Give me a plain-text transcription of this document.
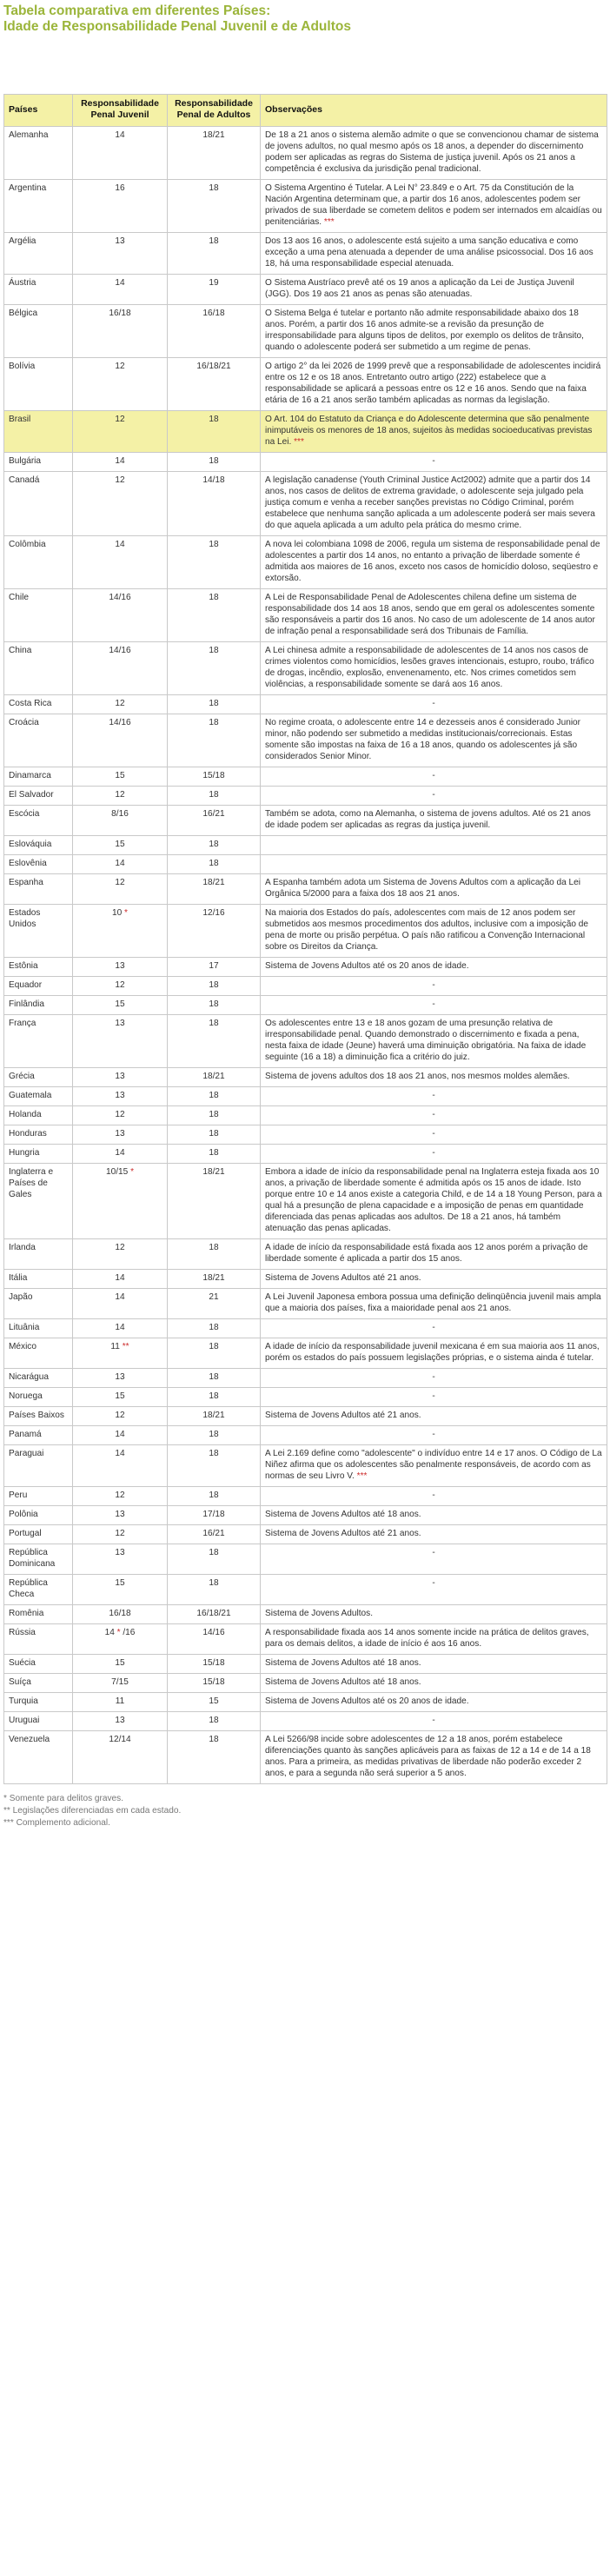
Tabela comparativa em diferentes Países:
Idade de Responsabilidade Penal Juvenil e de Adultos
Países	Responsabilidade Penal Juvenil	Responsabilidade Penal de Adultos	Observações
Alemanha	14	18/21	De 18 a 21 anos o sistema alemão admite o que se convencionou chamar de sistema de jovens adultos, no qual mesmo após os 18 anos, a depender do discernimento podem ser aplicadas as regras do Sistema de justiça juvenil. Após os 21 anos a competência é exclusiva da jurisdição penal tradicional.
Argentina	16	18	O Sistema Argentino é Tutelar. A Lei N° 23.849 e o Art. 75 da Constitución de la Nación Argentina determinam que, a partir dos 16 anos, adolescentes podem ser privados de sua liberdade se cometem delitos e podem ser internados em alcaidías ou penitenciárias. ***
Argélia	13	18	Dos 13 aos 16 anos, o adolescente está sujeito a uma sanção educativa e como exceção a uma pena atenuada a depender de uma análise psicossocial. Dos 16 aos 18, há uma responsabilidade especial atenuada.
Áustria	14	19	O Sistema Austríaco prevê até os 19 anos a aplicação da Lei de Justiça Juvenil (JGG). Dos 19 aos 21 anos as penas são atenuadas.
Bélgica	16/18	16/18	O Sistema Belga é tutelar e portanto não admite responsabilidade abaixo dos 18 anos. Porém, a partir dos 16 anos admite-se a revisão da presunção de irresponsabilidade para alguns tipos de delitos, por exemplo os delitos de trânsito, quando o adolescente poderá ser submetido a um regime de penas.
Bolívia	12	16/18/21	O artigo 2° da lei 2026 de 1999 prevê que a responsabilidade de adolescentes incidirá entre os 12 e os 18 anos. Entretanto outro artigo (222) estabelece que a responsabilidade se aplicará a pessoas entre os 12 e 16 anos. Sendo que na faixa etária de 16 a 21 anos serão também aplicadas as normas da legislação.
Brasil	12	18	O Art. 104 do Estatuto da Criança e do Adolescente determina que são penalmente inimputáveis os menores de 18 anos, sujeitos às medidas socioeducativas previstas na Lei. ***
Bulgária	14	18	-
Canadá	12	14/18	A legislação canadense (Youth Criminal Justice Act2002) admite que a partir dos 14 anos, nos casos de delitos de extrema gravidade, o adolescente seja julgado pela justiça comum e venha a receber sanções previstas no Código Criminal, porém estabelece que nenhuma sanção aplicada a um adolescente poderá ser mais severa do que aquela aplicada a um adulto pela prática do mesmo crime.
Colômbia	14	18	A nova lei colombiana 1098 de 2006, regula um sistema de responsabilidade penal de adolescentes a partir dos 14 anos, no entanto a privação de liberdade somente é admitida aos maiores de 16 anos, exceto nos casos de homicídio doloso, seqüestro e extorsão.
Chile	14/16	18	A Lei de Responsabilidade Penal de Adolescentes chilena define um sistema de responsabilidade dos 14 aos 18 anos, sendo que em geral os adolescentes somente são responsáveis a partir dos 16 anos. No caso de um adolescente de 14 anos autor de infração penal a responsabilidade será dos Tribunais de Família.
China	14/16	18	A Lei chinesa admite a responsabilidade de adolescentes de 14 anos nos casos de crimes violentos como homicídios, lesões graves intencionais, estupro, roubo, tráfico de drogas, incêndio, explosão, envenenamento, etc. Nos crimes cometidos sem violências, a responsabilidade somente se dará aos 16 anos.
Costa Rica	12	18	-
Croácia	14/16	18	No regime croata, o adolescente entre 14 e dezesseis anos é considerado Junior minor, não podendo ser submetido a medidas institucionais/correcionais. Estas somente são impostas na faixa de 16 a 18 anos, quando os adolescentes já são considerados Senior Minor.
Dinamarca	15	15/18	-
El Salvador	12	18	-
Escócia	8/16	16/21	Também se adota, como na Alemanha, o sistema de jovens adultos. Até os 21 anos de idade podem ser aplicadas as regras da justiça juvenil.
Eslováquia	15	18	
Eslovênia	14	18	
Espanha	12	18/21	A Espanha também adota um Sistema de Jovens Adultos com a aplicação da Lei Orgânica 5/2000 para a faixa dos 18 aos 21 anos.
Estados Unidos	10 *	12/16	Na maioria dos Estados do país, adolescentes com mais de 12 anos podem ser submetidos aos mesmos procedimentos dos adultos, inclusive com a imposição de pena de morte ou prisão perpétua. O país não ratificou a Convenção Internacional sobre os Direitos da Criança.
Estônia	13	17	Sistema de Jovens Adultos até os 20 anos de idade.
Equador	12	18	-
Finlândia	15	18	-
França	13	18	Os adolescentes entre 13 e 18 anos gozam de uma presunção relativa de irresponsabilidade penal. Quando demonstrado o discernimento e fixada a pena, nesta faixa de idade (Jeune) haverá uma diminuição obrigatória. Na faixa de idade seguinte (16 a 18) a diminuição fica a critério do juiz.
Grécia	13	18/21	Sistema de jovens adultos dos 18 aos 21 anos, nos mesmos moldes alemães.
Guatemala	13	18	-
Holanda	12	18	-
Honduras	13	18	-
Hungria	14	18	-
Inglaterra e Países de Gales	10/15 *	18/21	Embora a idade de início da responsabilidade penal na Inglaterra esteja fixada aos 10 anos, a privação de liberdade somente é admitida após os 15 anos de idade. Isto porque entre 10 e 14 anos existe a categoria Child, e de 14 a 18 Young Person, para a qual há a presunção de plena capacidade e a imposição de penas em quantidade diferenciada das penas aplicadas aos adultos. De 18 a 21 anos, há também atenuação das penas aplicadas.
Irlanda	12	18	A idade de início da responsabilidade está fixada aos 12 anos porém a privação de liberdade somente é aplicada a partir dos 15 anos.
Itália	14	18/21	Sistema de Jovens Adultos até 21 anos.
Japão	14	21	A Lei Juvenil Japonesa embora possua uma definição delinqüência juvenil mais ampla que a maioria dos países, fixa a maioridade penal aos 21 anos.
Lituânia	14	18	-
México	11 **	18	A idade de início da responsabilidade juvenil mexicana é em sua maioria aos 11 anos, porém os estados do país possuem legislações próprias, e o sistema ainda é tutelar.
Nicarágua	13	18	-
Noruega	15	18	-
Países Baixos	12	18/21	Sistema de Jovens Adultos até 21 anos.
Panamá	14	18	-
Paraguai	14	18	A Lei 2.169 define como "adolescente" o indivíduo entre 14 e 17 anos. O Código de La Niñez afirma que os adolescentes são penalmente responsáveis, de acordo com as normas de seu Livro V. ***
Peru	12	18	-
Polônia	13	17/18	Sistema de Jovens Adultos até 18 anos.
Portugal	12	16/21	Sistema de Jovens Adultos até 21 anos.
República Dominicana	13	18	-
República Checa	15	18	-
Romênia	16/18	16/18/21	Sistema de Jovens Adultos.
Rússia	14 * /16	14/16	A responsabilidade fixada aos 14 anos somente incide na prática de delitos graves, para os demais delitos, a idade de início é aos 16 anos.
Suécia	15	15/18	Sistema de Jovens Adultos até 18 anos.
Suíça	7/15	15/18	Sistema de Jovens Adultos até 18 anos.
Turquia	11	15	Sistema de Jovens Adultos até os 20 anos de idade.
Uruguai	13	18	-
Venezuela	12/14	18	A Lei 5266/98 incide sobre adolescentes de 12 a 18 anos, porém estabelece diferenciações quanto às sanções aplicáveis para as faixas de 12 a 14 e de 14 a 18 anos. Para a primeira, as medidas privativas de liberdade não poderão exceder 2 anos, e para a segunda não será superior a 5 anos.
* Somente para delitos graves.
** Legislações diferenciadas em cada estado.
*** Complemento adicional.
